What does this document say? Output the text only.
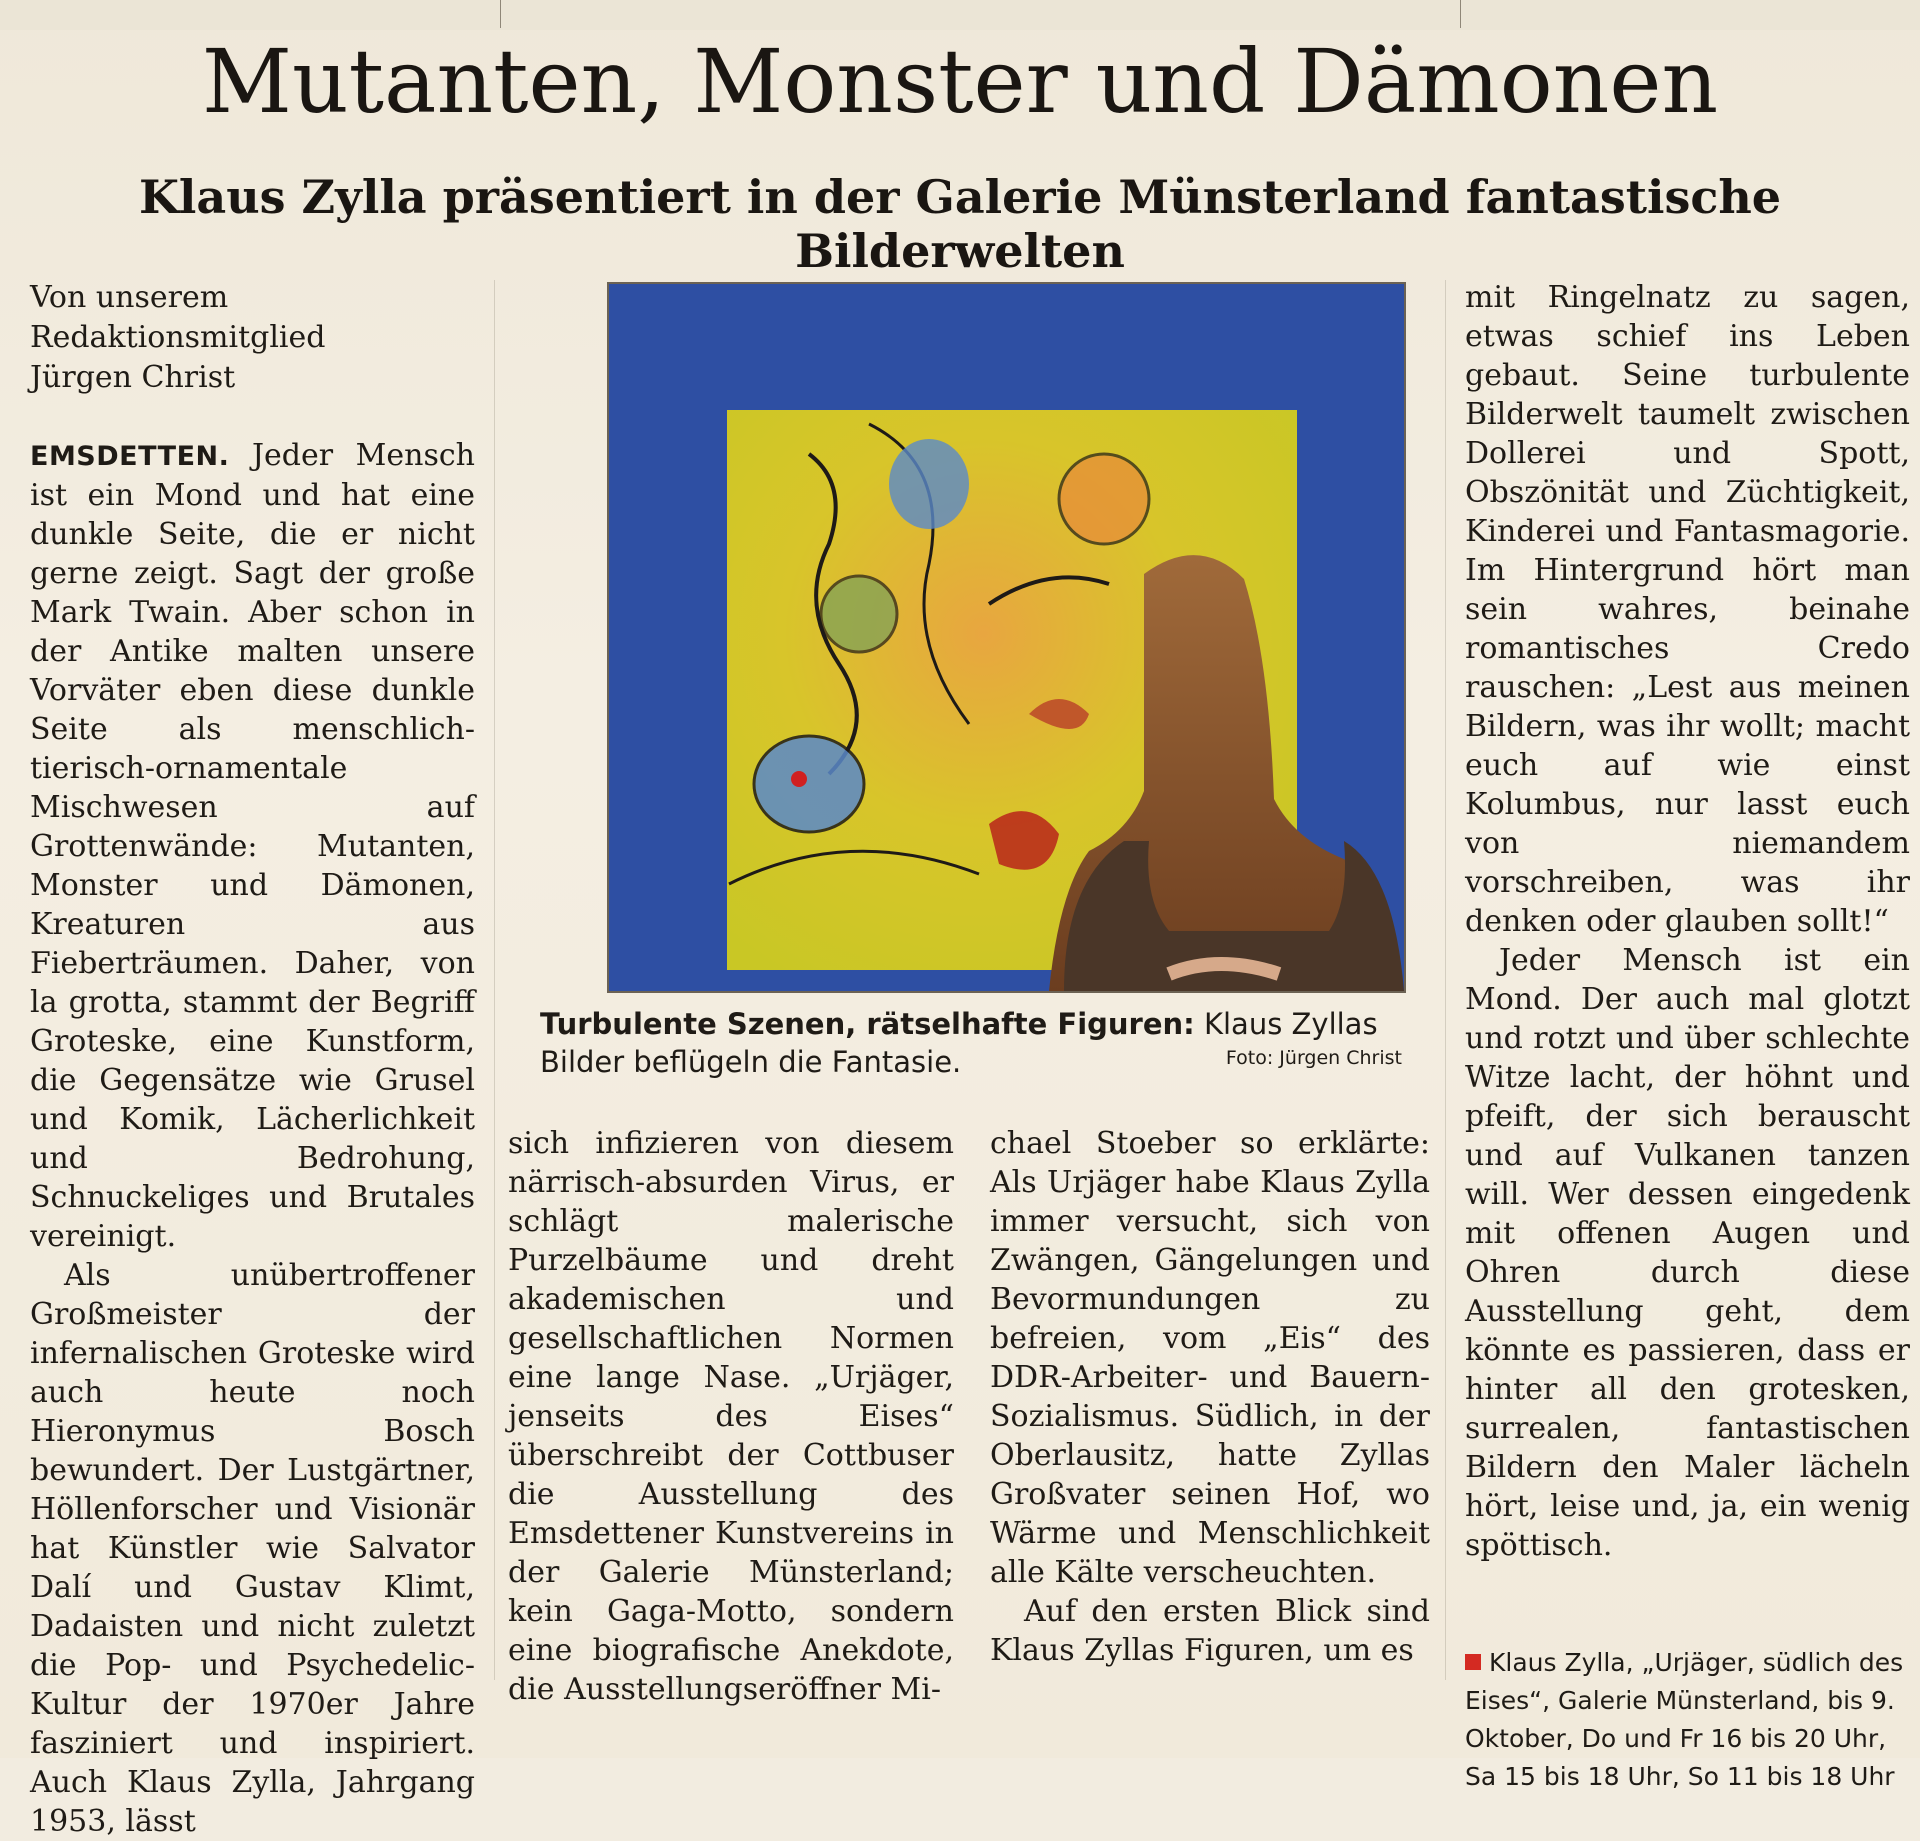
Mutanten, Monster und Dämonen
Klaus Zylla präsentiert in der Galerie Münsterland fantastische Bilderwelten
Von unserem
Redaktionsmitglied
Jürgen Christ

EMSDETTEN. Jeder Mensch ist ein Mond und hat eine dunkle Seite, die er nicht gerne zeigt. Sagt der große Mark Twain. Aber schon in der Antike malten unsere Vorväter eben diese dunkle Seite als menschlich-tierisch-ornamentale Mischwesen auf Grottenwände: Mutanten, Monster und Dämonen, Kreaturen aus Fieberträumen. Daher, von la grotta, stammt der Begriff Groteske, eine Kunstform, die Gegensätze wie Grusel und Komik, Lächerlichkeit und Bedrohung, Schnuckeliges und Brutales vereinigt.

Als unübertroffener Großmeister der infernalischen Groteske wird auch heute noch Hieronymus Bosch bewundert. Der Lustgärtner, Höllenforscher und Visionär hat Künstler wie Salvator Dalí und Gustav Klimt, Dadaisten und nicht zuletzt die Pop- und Psychedelic-Kultur der 1970er Jahre fasziniert und inspiriert. Auch Klaus Zylla, Jahrgang 1953, lässt

Turbulente Szenen, rätselhafte Figuren: Klaus Zyllas Bilder beflügeln die Fantasie.	Foto: Jürgen Christ

sich infizieren von diesem närrisch-absurden Virus, er schlägt malerische Purzelbäume und dreht akademischen und gesellschaftlichen Normen eine lange Nase. „Urjäger, jenseits des Eises“ überschreibt der Cottbuser die Ausstellung des Emsdettener Kunstvereins in der Galerie Münsterland; kein Gaga-Motto, sondern eine biografische Anekdote, die Ausstellungseröffner Mi-

chael Stoeber so erklärte: Als Urjäger habe Klaus Zylla immer versucht, sich von Zwängen, Gängelungen und Bevormundungen zu befreien, vom „Eis“ des DDR-Arbeiter- und Bauern-Sozialismus. Südlich, in der Oberlausitz, hatte Zyllas Großvater seinen Hof, wo Wärme und Menschlichkeit alle Kälte verscheuchten.

Auf den ersten Blick sind Klaus Zyllas Figuren, um es

mit Ringelnatz zu sagen, etwas schief ins Leben gebaut. Seine turbulente Bilderwelt taumelt zwischen Dollerei und Spott, Obszönität und Züchtigkeit, Kinderei und Fantasmagorie. Im Hintergrund hört man sein wahres, beinahe romantisches Credo rauschen: „Lest aus meinen Bildern, was ihr wollt; macht euch auf wie einst Kolumbus, nur lasst euch von niemandem vorschreiben, was ihr denken oder glauben sollt!“

Jeder Mensch ist ein Mond. Der auch mal glotzt und rotzt und über schlechte Witze lacht, der höhnt und pfeift, der sich berauscht und auf Vulkanen tanzen will. Wer dessen eingedenk mit offenen Augen und Ohren durch diese Ausstellung geht, dem könnte es passieren, dass er hinter all den grotesken, surrealen, fantastischen Bildern den Maler lächeln hört, leise und, ja, ein wenig spöttisch.

Klaus Zylla, „Urjäger, südlich des Eises“, Galerie Münsterland, bis 9. Oktober, Do und Fr 16 bis 20 Uhr, Sa 15 bis 18 Uhr, So 11 bis 18 Uhr
